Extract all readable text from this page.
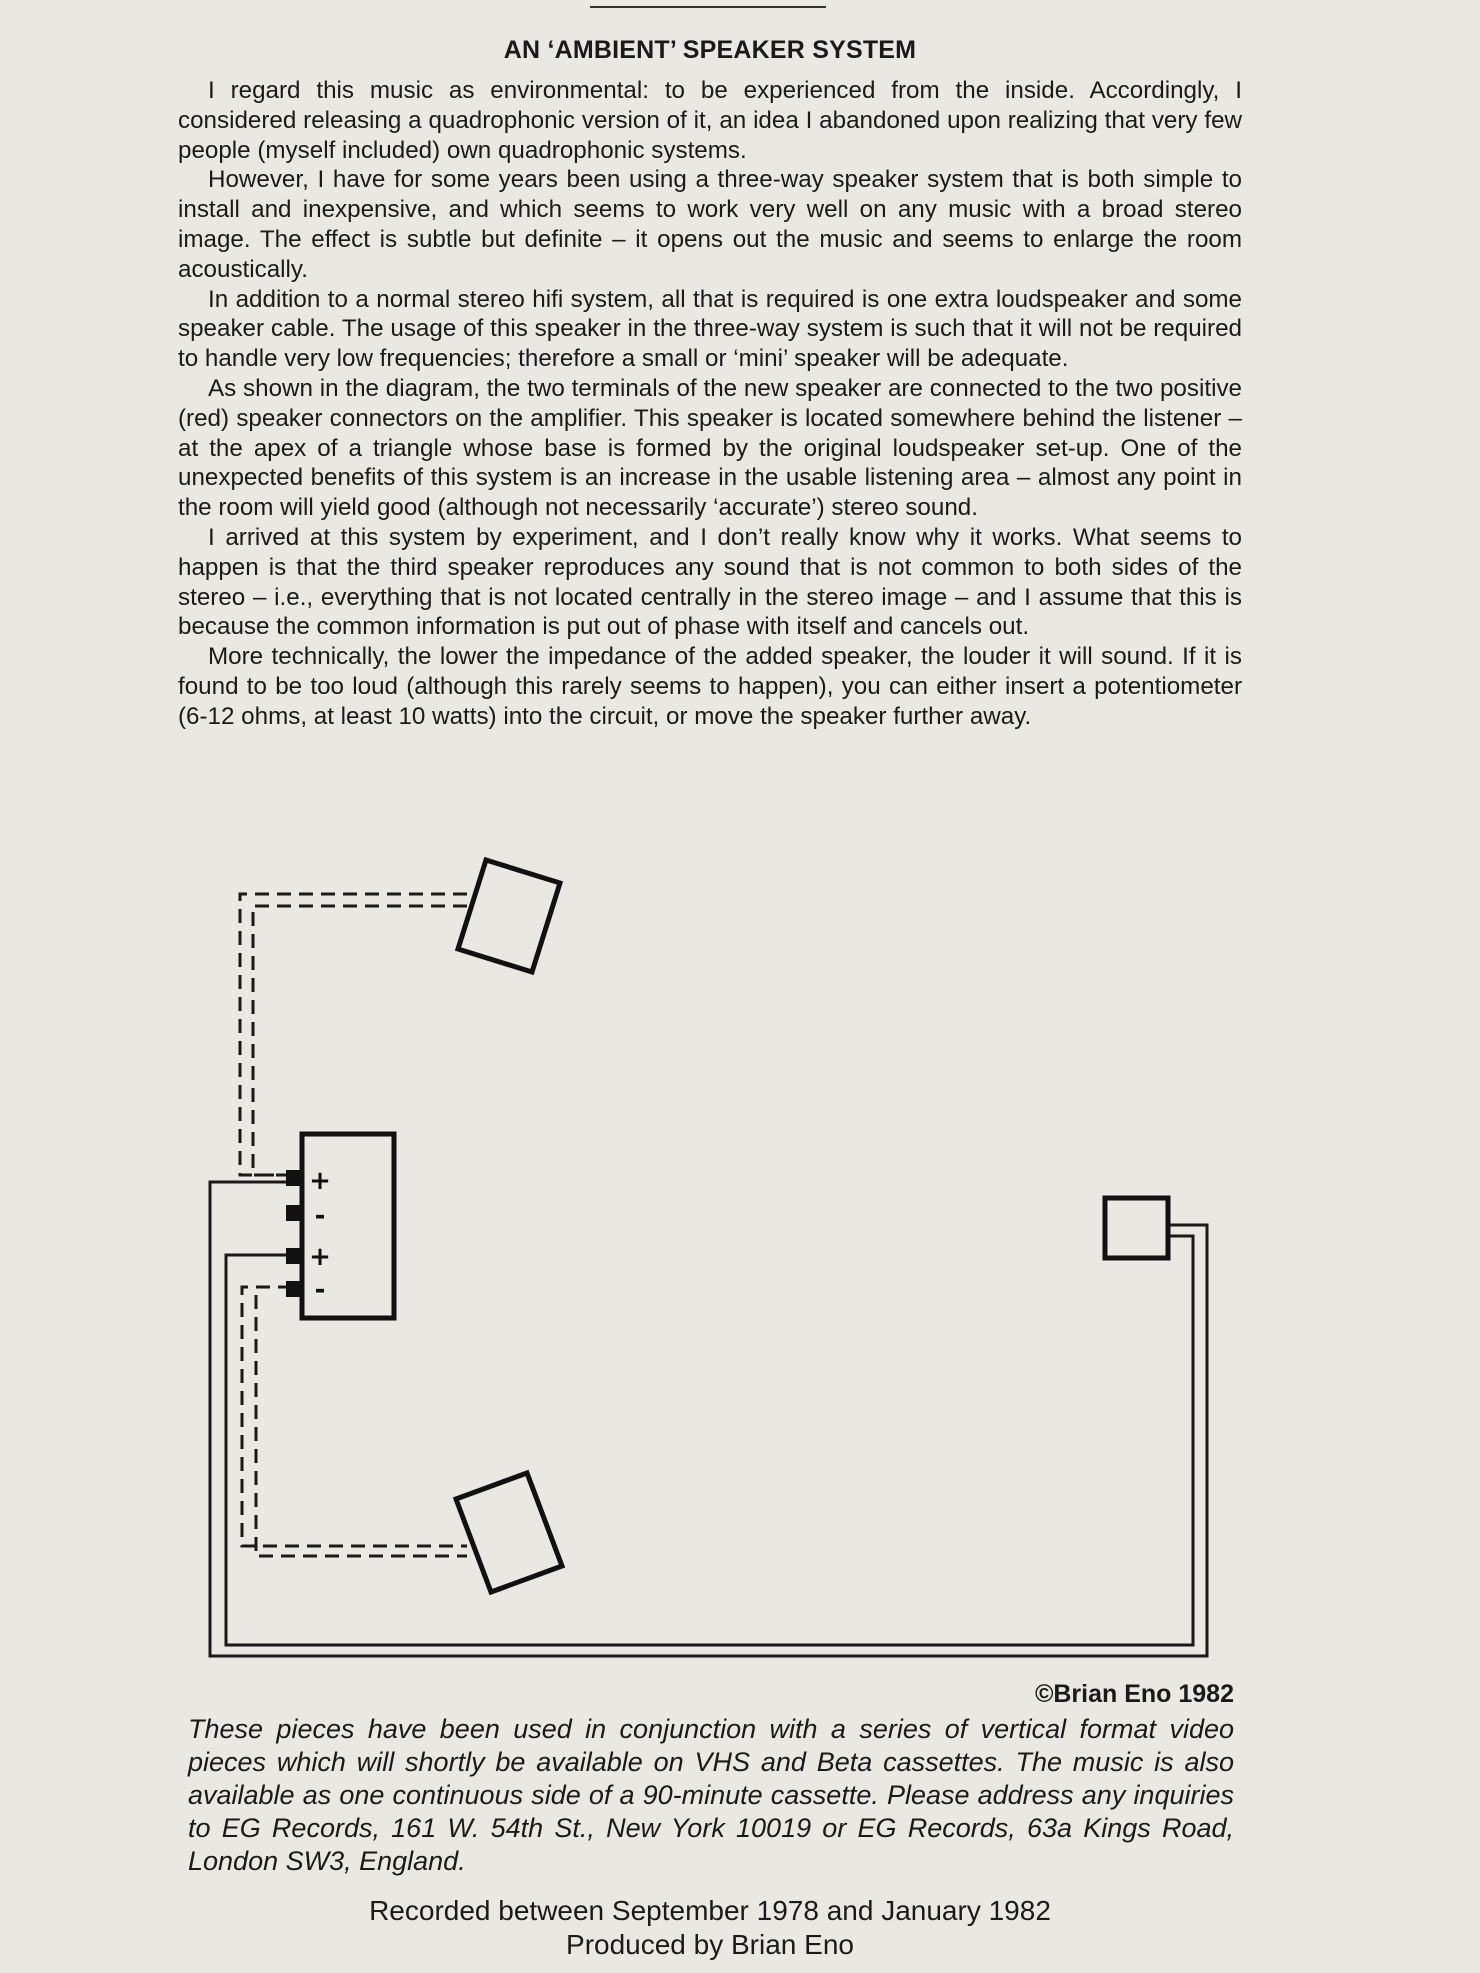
AN ‘AMBIENT’ SPEAKER SYSTEM

I regard this music as environmental: to be experienced from the inside. Accordingly, I considered releasing a quadrophonic version of it, an idea I abandoned upon realizing that very few people (myself included) own quadrophonic systems.

However, I have for some years been using a three-way speaker system that is both simple to install and inexpensive, and which seems to work very well on any music with a broad stereo image. The effect is subtle but definite – it opens out the music and seems to enlarge the room acoustically.

In addition to a normal stereo hifi system, all that is required is one extra loudspeaker and some speaker cable. The usage of this speaker in the three-way system is such that it will not be required to handle very low frequencies; therefore a small or ‘mini’ speaker will be adequate.

As shown in the diagram, the two terminals of the new speaker are connected to the two positive (red) speaker connectors on the amplifier. This speaker is located somewhere behind the listener – at the apex of a triangle whose base is formed by the original loudspeaker set-up. One of the unexpected benefits of this system is an increase in the usable listening area – almost any point in the room will yield good (although not necessarily ‘accurate’) stereo sound.

I arrived at this system by experiment, and I don’t really know why it works. What seems to happen is that the third speaker reproduces any sound that is not common to both sides of the stereo – i.e., everything that is not located centrally in the stereo image – and I assume that this is because the common information is put out of phase with itself and cancels out.

More technically, the lower the impedance of the added speaker, the louder it will sound. If it is found to be too loud (although this rarely seems to happen), you can either insert a potentiometer (6-12 ohms, at least 10 watts) into the circuit, or move the speaker further away.

+
-
+
-
©Brian Eno 1982
These pieces have been used in conjunction with a series of vertical format video pieces which will shortly be available on VHS and Beta cassettes. The music is also available as one continuous side of a 90-minute cassette. Please address any inquiries to EG Records, 161 W. 54th St., New York 10019 or EG Records, 63a Kings Road, London SW3, England.
Recorded between September 1978 and January 1982
Produced by Brian Eno
